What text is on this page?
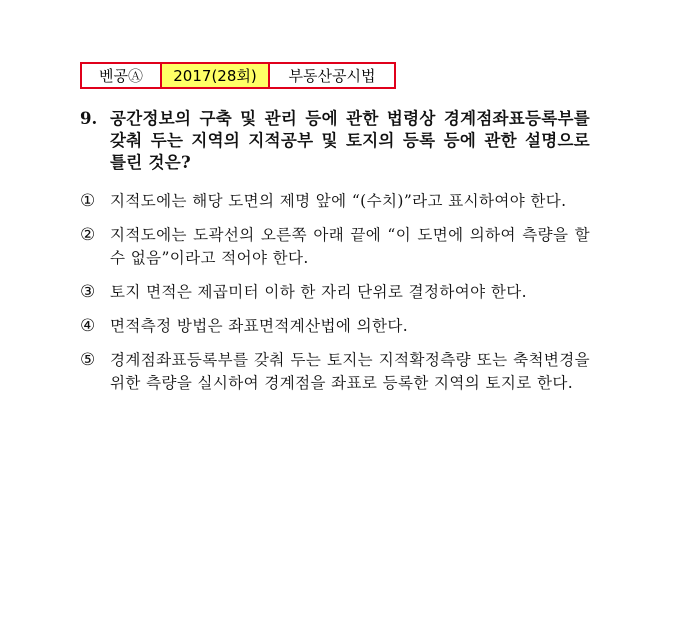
벤공Ⓐ	2017(28회)	부동산공시법
9. 공간정보의 구축 및 관리 등에 관한 법령상 경계점좌표등록부를 갖춰 두는 지역의 지적공부 및 토지의 등록 등에 관한 설명으로 틀린 것은?
① 지적도에는 해당 도면의 제명 앞에 “(수치)”라고 표시하여야 한다.
② 지적도에는 도곽선의 오른쪽 아래 끝에 “이 도면에 의하여 측량을 할 수 없음”이라고 적어야 한다.
③ 토지 면적은 제곱미터 이하 한 자리 단위로 결정하여야 한다.
④ 면적측정 방법은 좌표면적계산법에 의한다.
⑤ 경계점좌표등록부를 갖춰 두는 토지는 지적확정측량 또는 축척변경을 위한 측량을 실시하여 경계점을 좌표로 등록한 지역의 토지로 한다.
